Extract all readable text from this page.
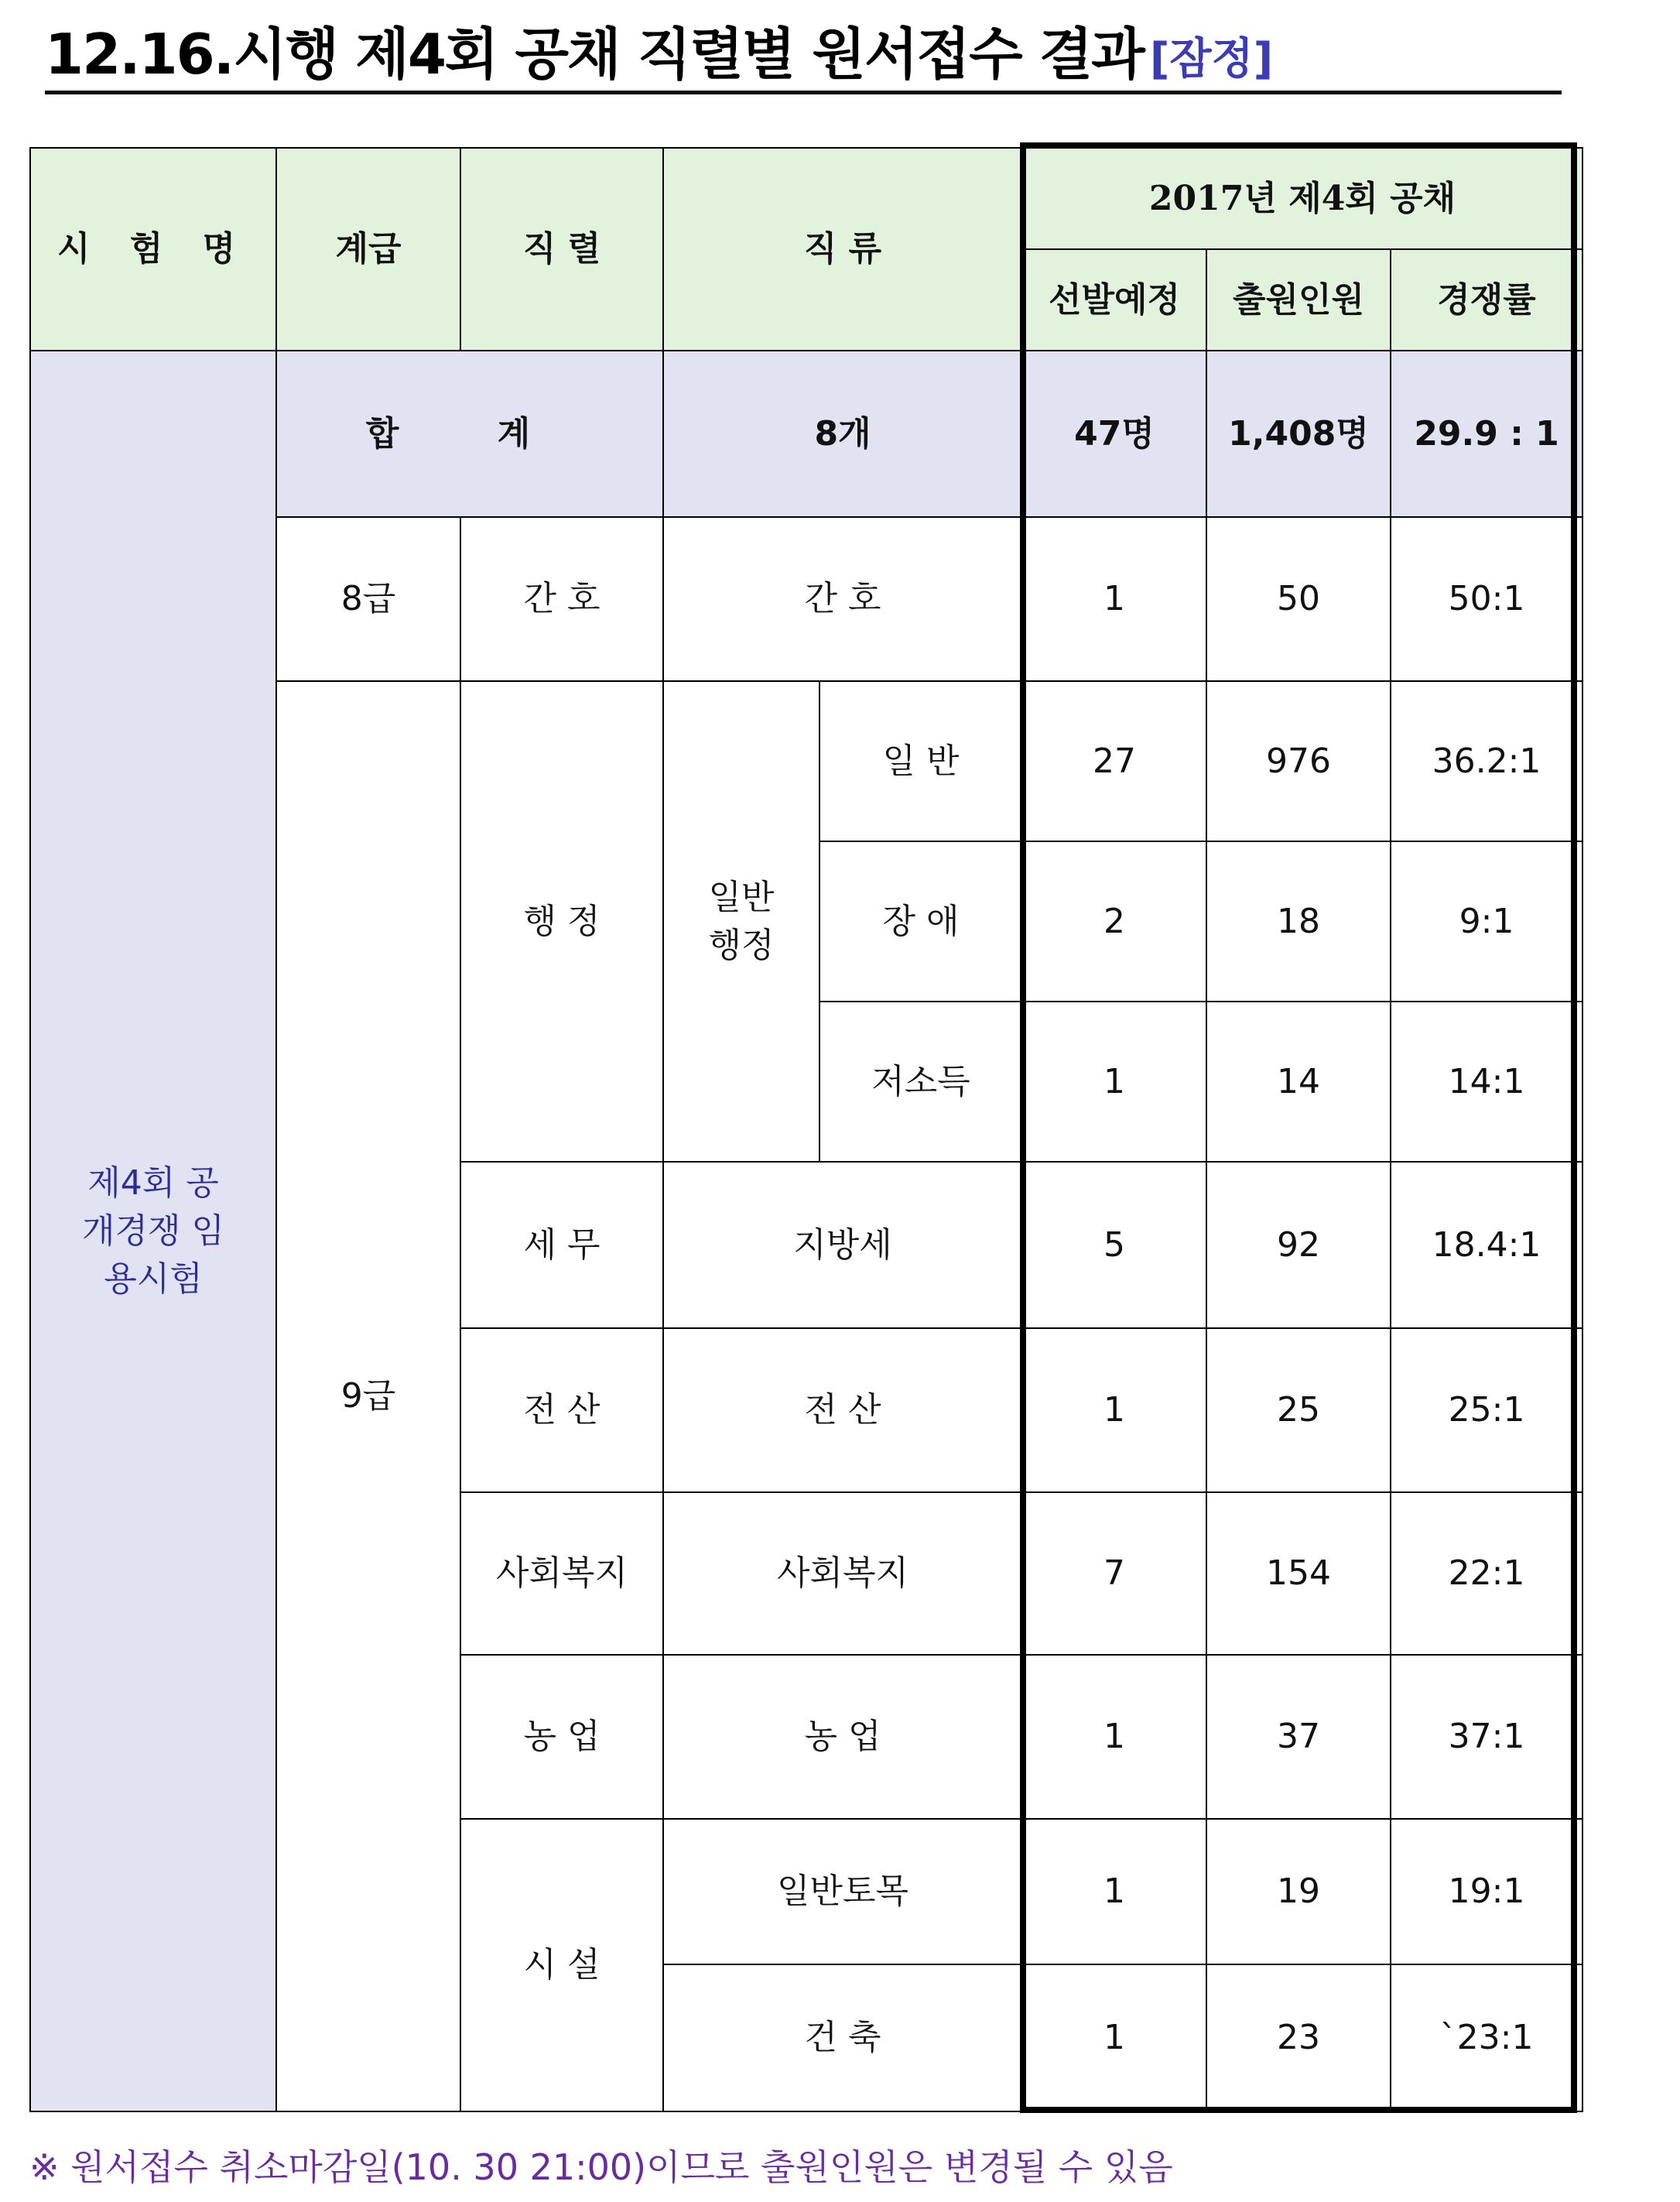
12.16.시행 제4회 공채 직렬별 원서접수 결과 [잠정]
시 험 명	계급	직 렬	직 류		2017년 제4회 공채		
					선발예정	출원인원	경쟁률

제4회 공개경쟁 임용시험	합 계		8개		47명	1,408명	29.9 : 1
	8급	간 호	간 호		1	50	50:1
	9급	행 정	일반 행정	일 반	27	976	36.2:1
				장 애	2	18	9:1
				저소득	1	14	14:1
		세 무	지방세		5	92	18.4:1
		전 산	전 산		1	25	25:1
		사회복지	사회복지		7	154	22:1
		농 업	농 업		1	37	37:1
		시 설	일반토목		1	19	19:1
			건 축		1	23	`23:1
※ 원서접수 취소마감일(10. 30 21:00)이므로 출원인원은 변경될 수 있음
